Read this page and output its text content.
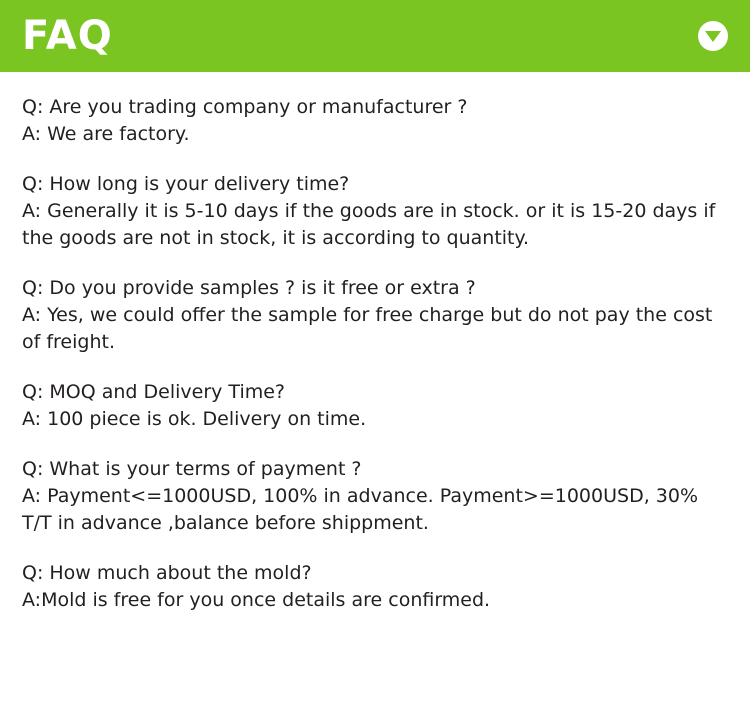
FAQ
Q: Are you trading company or manufacturer ?
A: We are factory.
Q: How long is your delivery time?
A: Generally it is 5-10 days if the goods are in stock. or it is 15-20 days if the goods are not in stock, it is according to quantity.
Q: Do you provide samples ? is it free or extra ?
A: Yes, we could offer the sample for free charge but do not pay the cost of freight.
Q: MOQ and Delivery Time?
A: 100 piece is ok. Delivery on time.
Q: What is your terms of payment ?
A: Payment<=1000USD, 100% in advance. Payment>=1000USD, 30% T/T in advance ,balance before shippment.
Q: How much about the mold?
A:Mold is free for you once details are confirmed.
